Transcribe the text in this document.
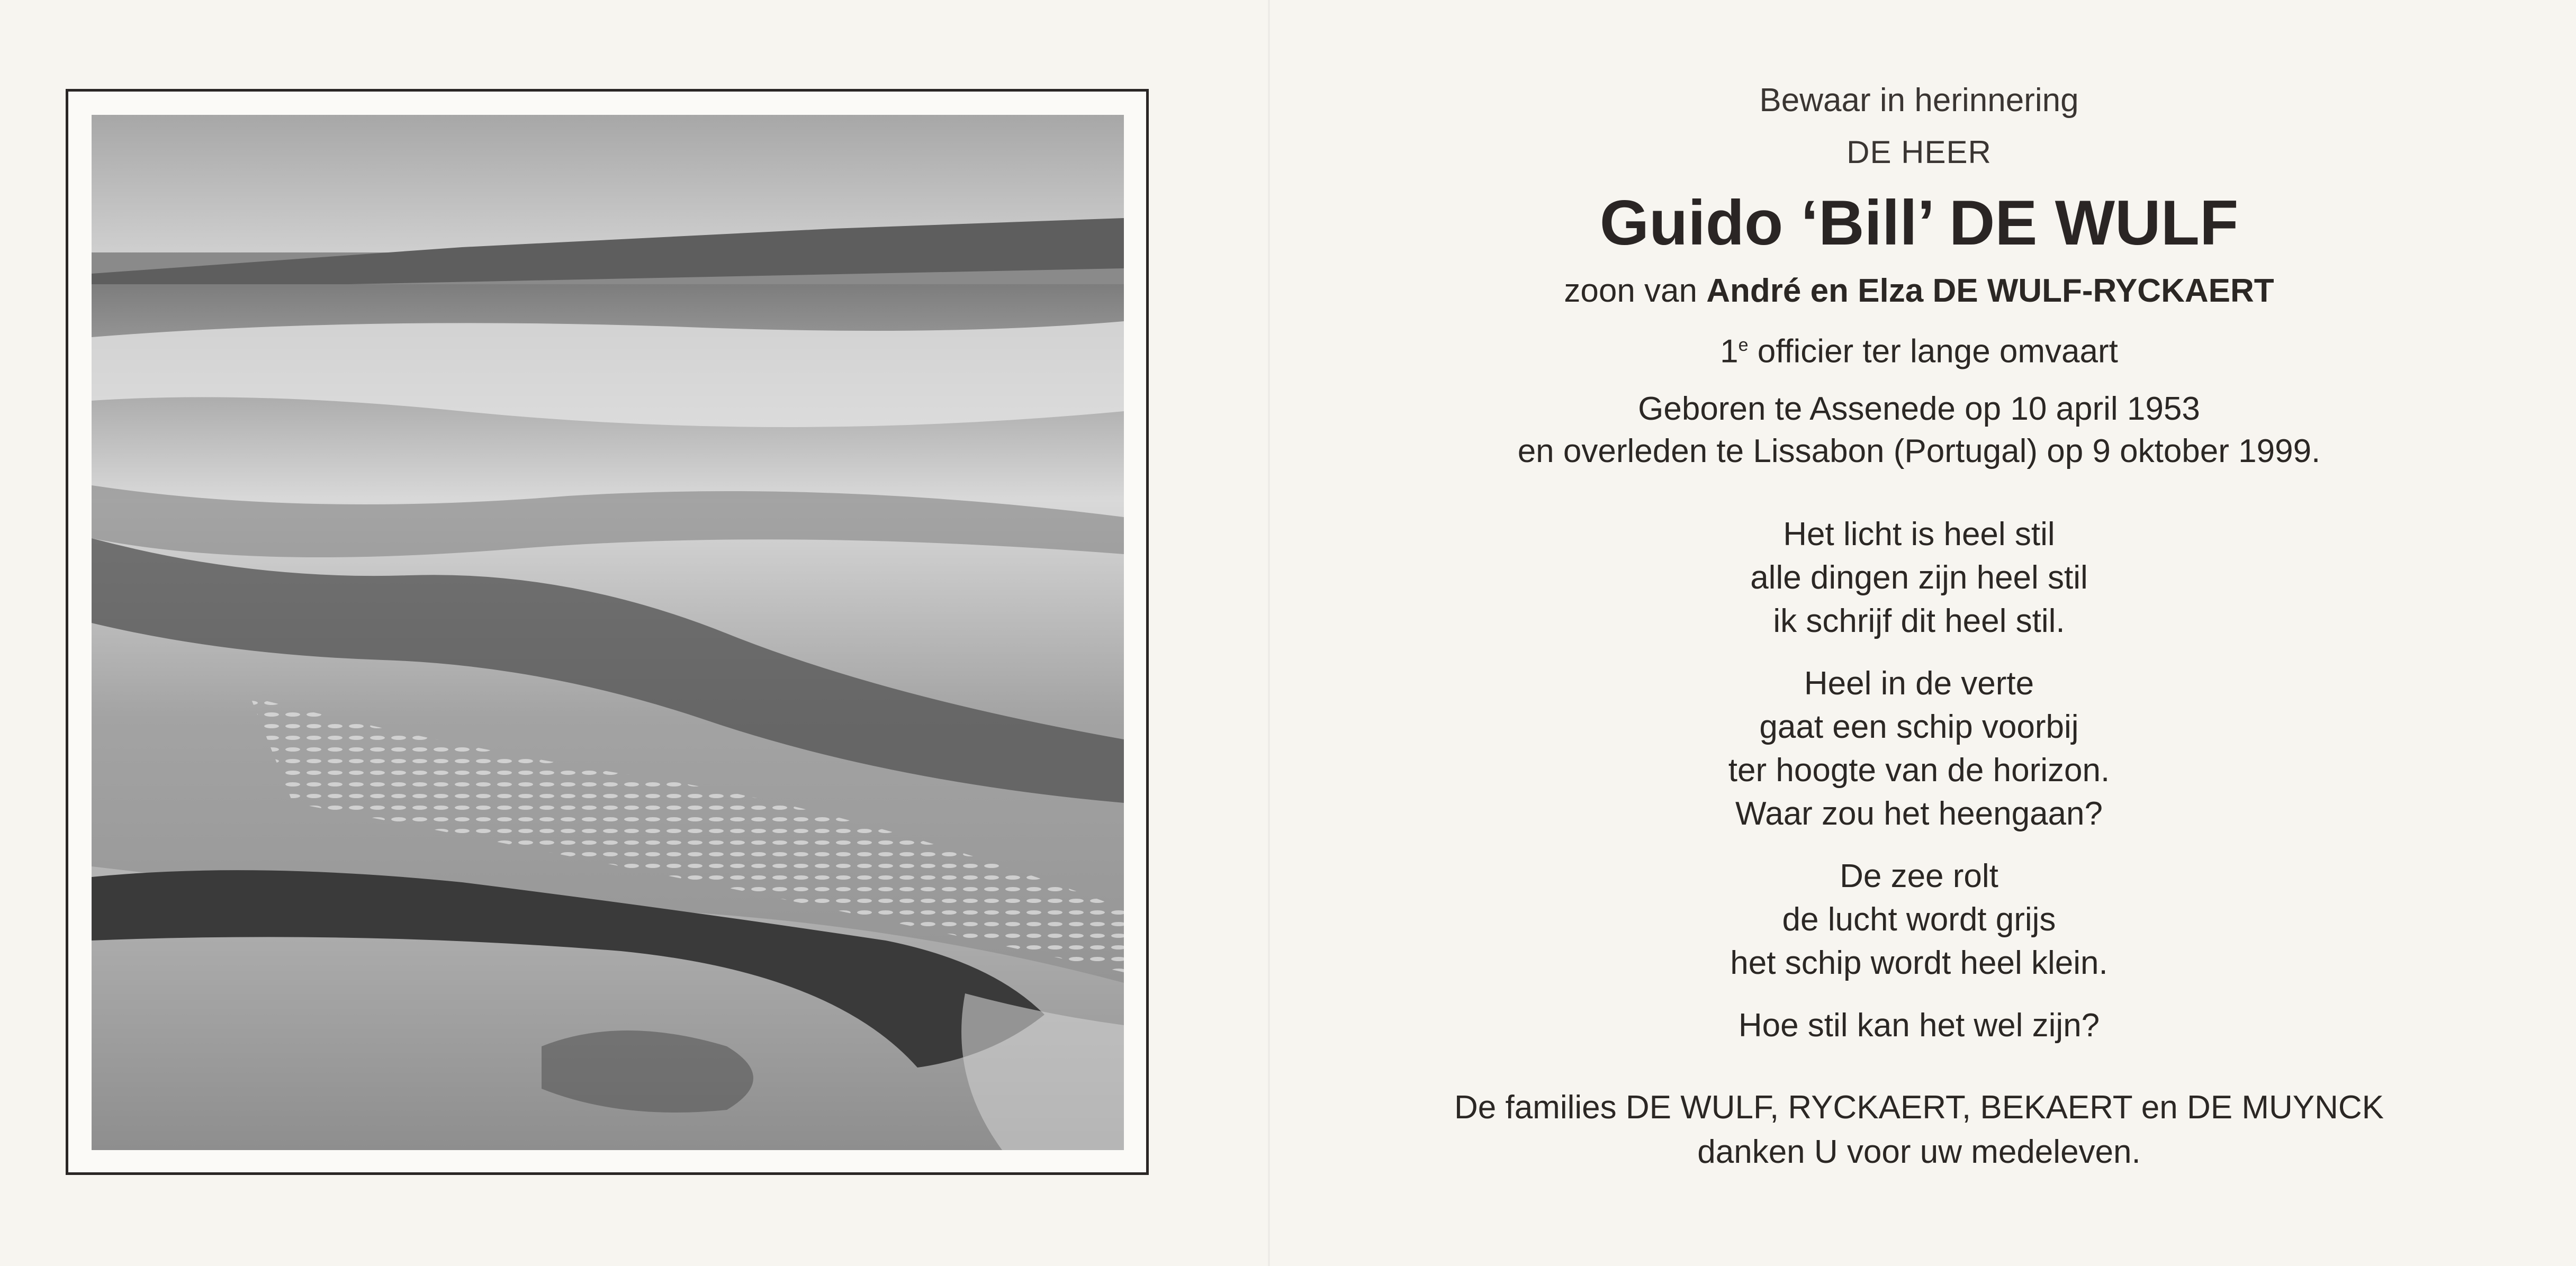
Bewaar in herinnering
DE HEER
Guido ‘Bill’ DE WULF
zoon van André en Elza DE WULF-RYCKAERT
1e officier ter lange omvaart
Geboren te Assenede op 10 april 1953
en overleden te Lissabon (Portugal) op 9 oktober 1999.
Het licht is heel stil
alle dingen zijn heel stil
ik schrijf dit heel stil.
Heel in de verte
gaat een schip voorbij
ter hoogte van de horizon.
Waar zou het heengaan?
De zee rolt
de lucht wordt grijs
het schip wordt heel klein.
Hoe stil kan het wel zijn?
De families DE WULF, RYCKAERT, BEKAERT en DE MUYNCK
danken U voor uw medeleven.
